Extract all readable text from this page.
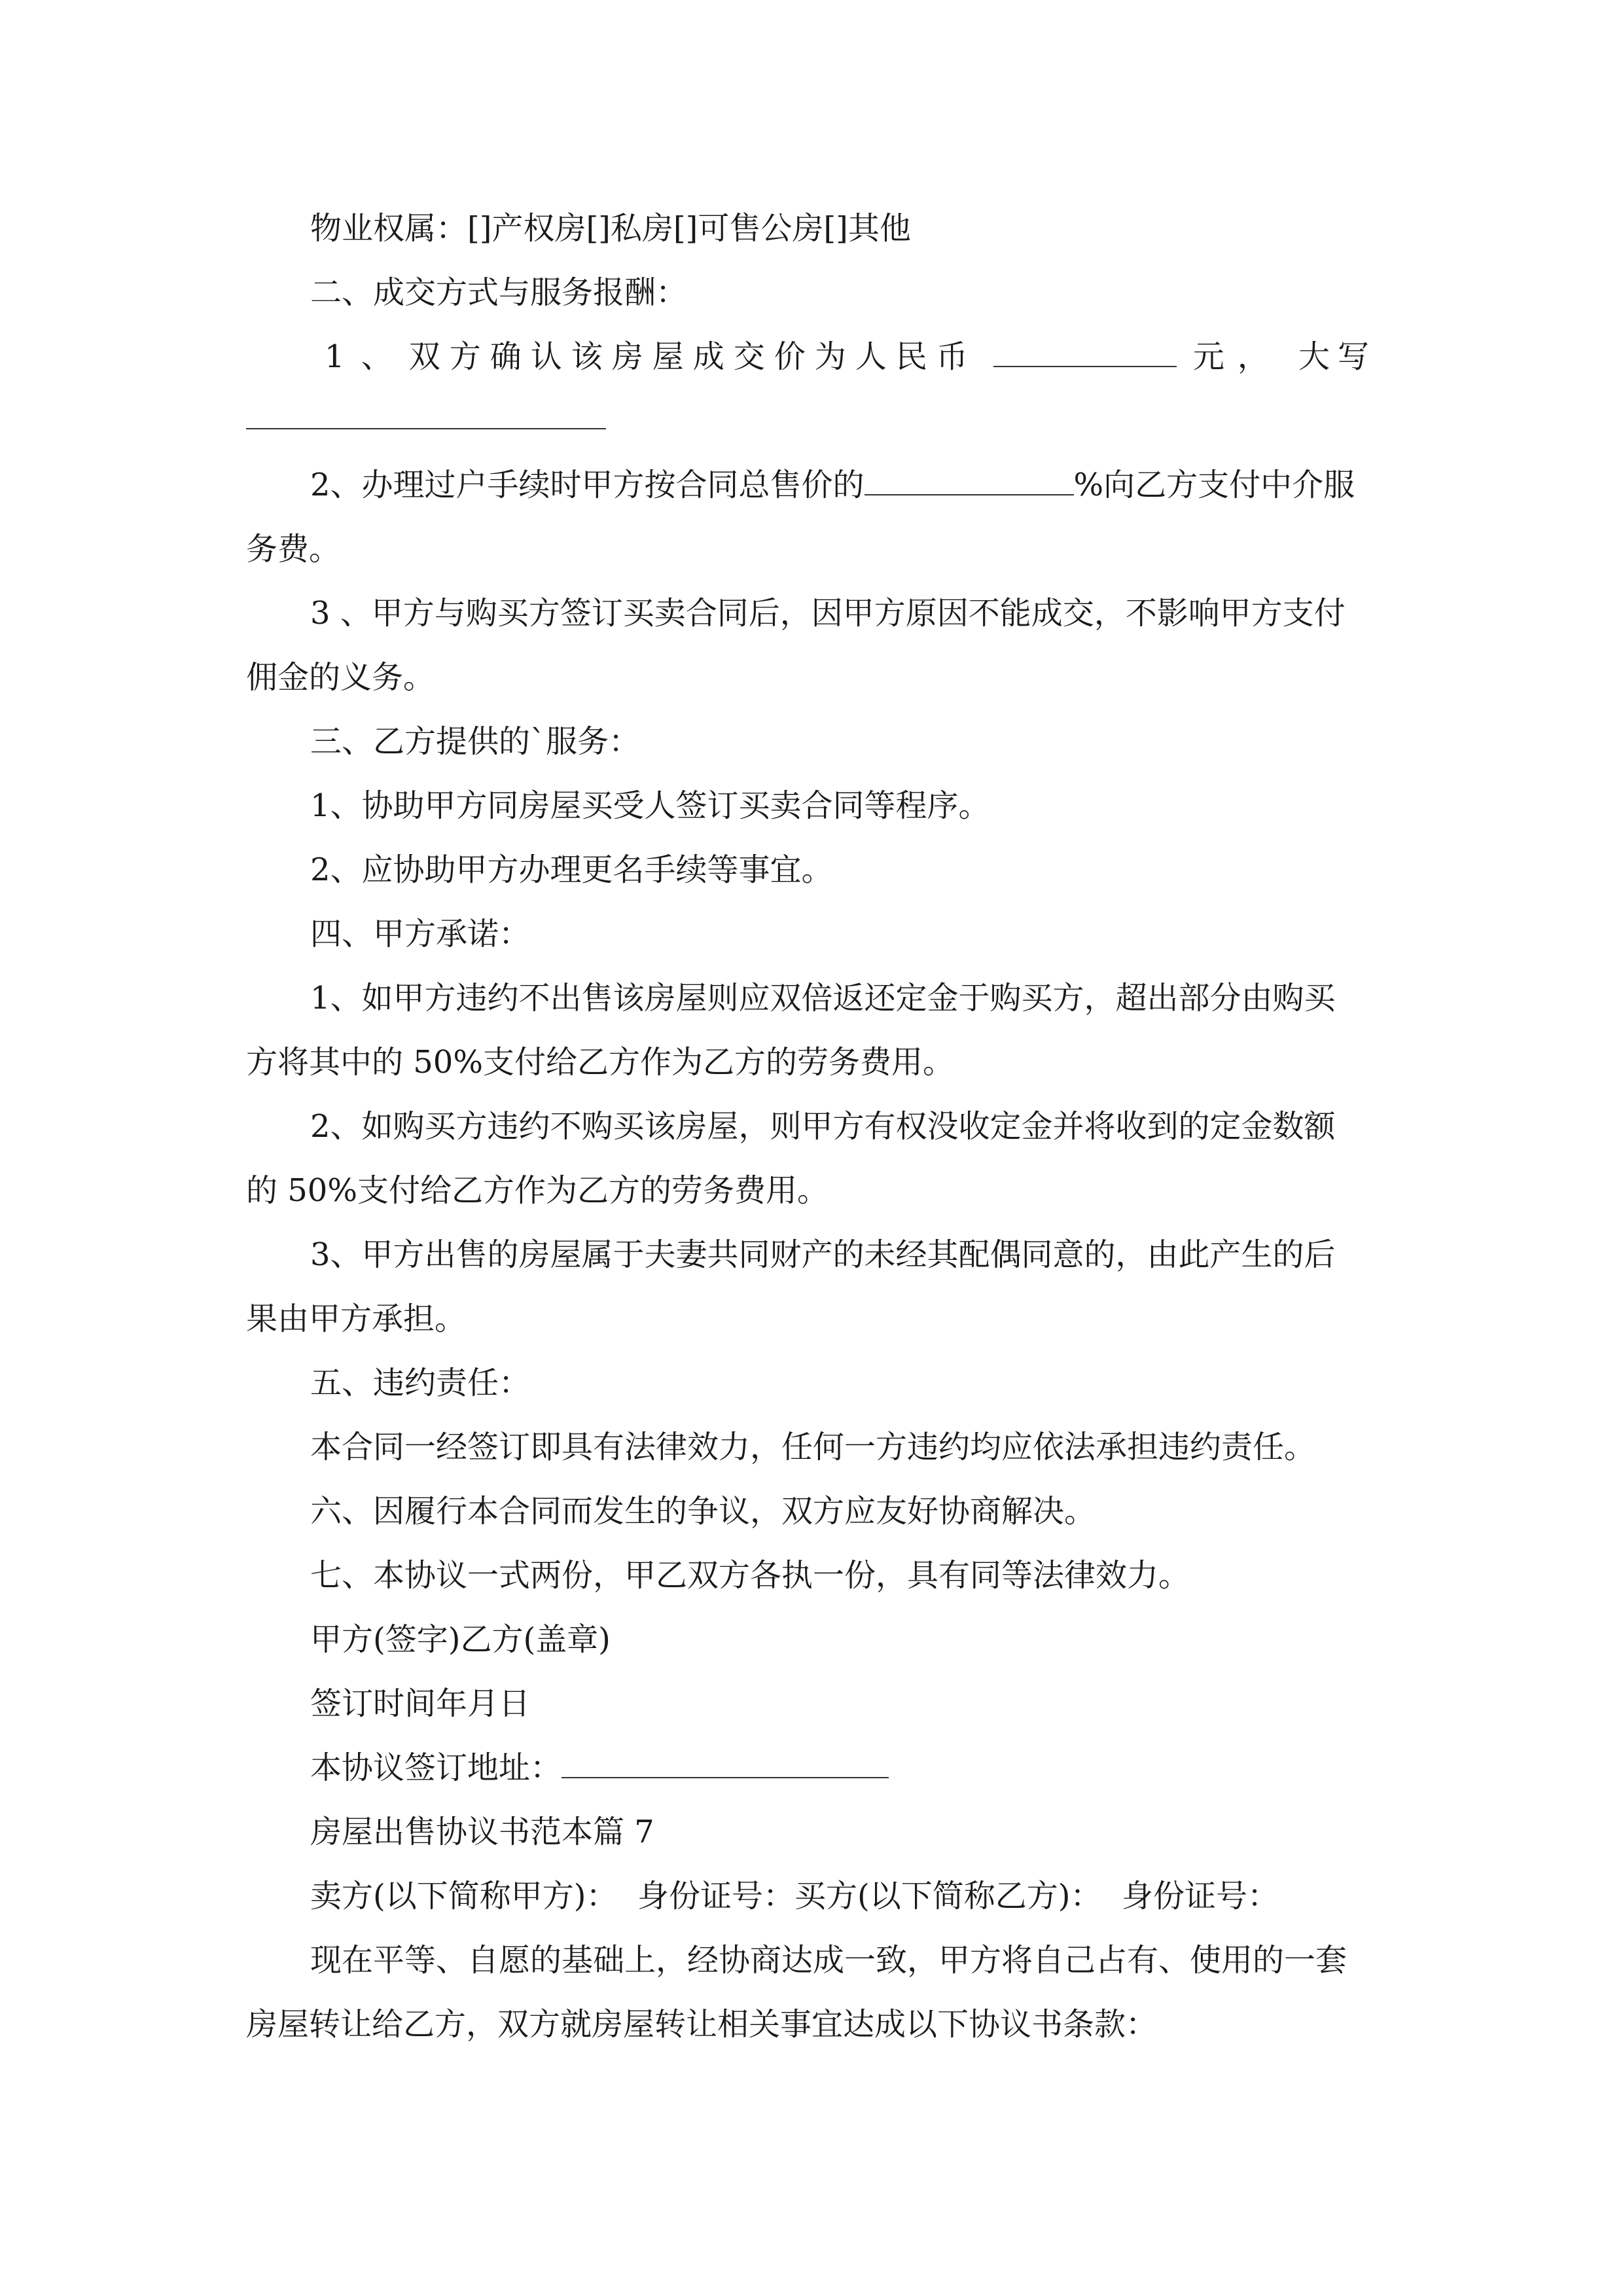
物业权属：[]产权房[]私房[]可售公房[]其他
二、成交方式与服务报酬：
1 、 双方确认该房屋成交价为人民币	元， 大写
2、办理过户手续时甲方按合同总售价的	%向乙方支付中介服
务费。
3 、甲方与购买方签订买卖合同后，因甲方原因不能成交，不影响甲方支付
佣金的义务。
三、乙方提供的`服务：
1、协助甲方同房屋买受人签订买卖合同等程序。
2、应协助甲方办理更名手续等事宜。
四、甲方承诺：
1、如甲方违约不出售该房屋则应双倍返还定金于购买方，超出部分由购买
方将其中的 50%支付给乙方作为乙方的劳务费用。
2、如购买方违约不购买该房屋，则甲方有权没收定金并将收到的定金数额
的 50%支付给乙方作为乙方的劳务费用。
3、甲方出售的房屋属于夫妻共同财产的未经其配偶同意的，由此产生的后
果由甲方承担。
五、违约责任：
本合同一经签订即具有法律效力，任何一方违约均应依法承担违约责任。
六、因履行本合同而发生的争议，双方应友好协商解决。
七、本协议一式两份，甲乙双方各执一份，具有同等法律效力。
甲方(签字)乙方(盖章)
签订时间年月日
本协议签订地址：
房屋出售协议书范本篇 7
卖方(以下简称甲方)：  身份证号：买方(以下简称乙方)：  身份证号：
现在平等、自愿的基础上，经协商达成一致，甲方将自己占有、使用的一套
房屋转让给乙方，双方就房屋转让相关事宜达成以下协议书条款：
